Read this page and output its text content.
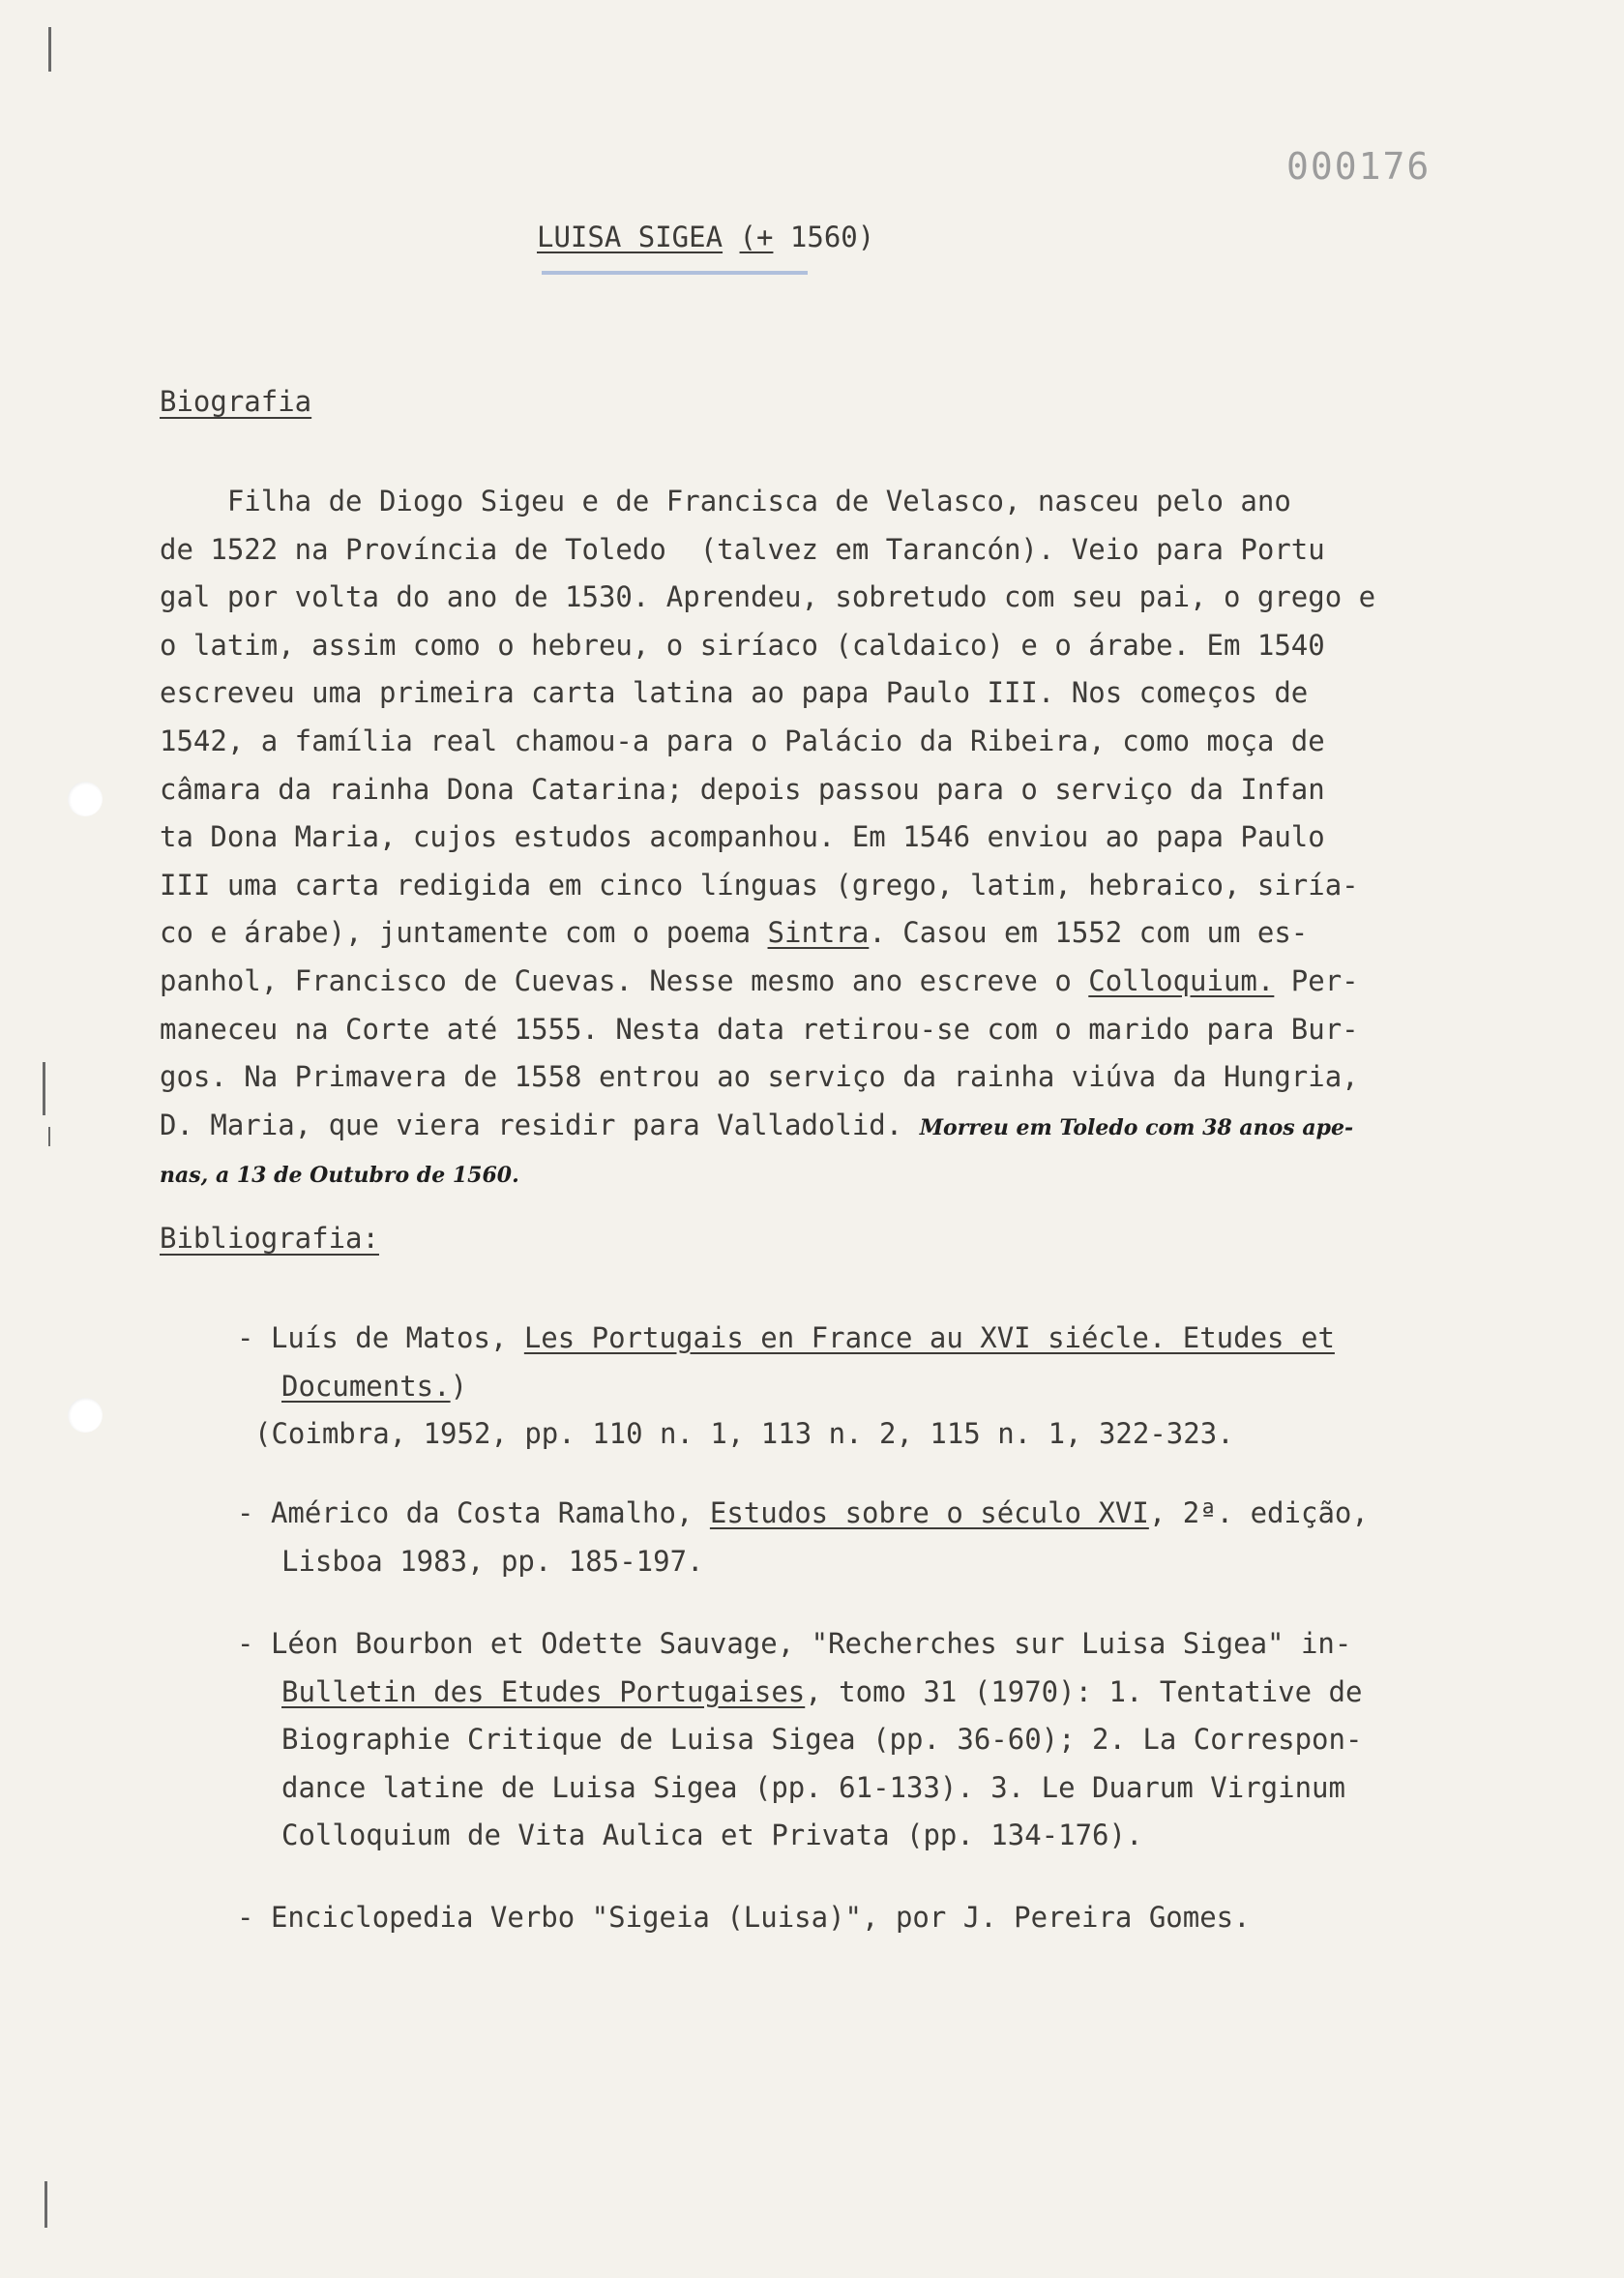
000176
LUISA SIGEA (+ 1560)
Biografia
Filha de Diogo Sigeu e de Francisca de Velasco, nasceu pelo ano
de 1522 na Província de Toledo  (talvez em Tarancón). Veio para Portu
gal por volta do ano de 1530. Aprendeu, sobretudo com seu pai, o grego e
o latim, assim como o hebreu, o siríaco (caldaico) e o árabe. Em 1540
escreveu uma primeira carta latina ao papa Paulo III. Nos começos de
1542, a família real chamou-a para o Palácio da Ribeira, como moça de
câmara da rainha Dona Catarina; depois passou para o serviço da Infan
ta Dona Maria, cujos estudos acompanhou. Em 1546 enviou ao papa Paulo
III uma carta redigida em cinco línguas (grego, latim, hebraico, siría-
co e árabe), juntamente com o poema Sintra. Casou em 1552 com um es-
panhol, Francisco de Cuevas. Nesse mesmo ano escreve o Colloquium. Per-
maneceu na Corte até 1555. Nesta data retirou-se com o marido para Bur-
gos. Na Primavera de 1558 entrou ao serviço da rainha viúva da Hungria,
D. Maria, que viera residir para Valladolid. Morreu em Toledo com 38 anos ape-
nas, a 13 de Outubro de 1560.
Bibliografia:
- Luís de Matos, Les Portugais en France au XVI siécle. Etudes et
Documents.)
(Coimbra, 1952, pp. 110 n. 1, 113 n. 2, 115 n. 1, 322-323.
- Américo da Costa Ramalho, Estudos sobre o século XVI, 2ª. edição,
Lisboa 1983, pp. 185-197.
- Léon Bourbon et Odette Sauvage, "Recherches sur Luisa Sigea" in-
Bulletin des Etudes Portugaises, tomo 31 (1970): 1. Tentative de
Biographie Critique de Luisa Sigea (pp. 36-60); 2. La Correspon-
dance latine de Luisa Sigea (pp. 61-133). 3. Le Duarum Virginum
Colloquium de Vita Aulica et Privata (pp. 134-176).
- Enciclopedia Verbo "Sigeia (Luisa)", por J. Pereira Gomes.
